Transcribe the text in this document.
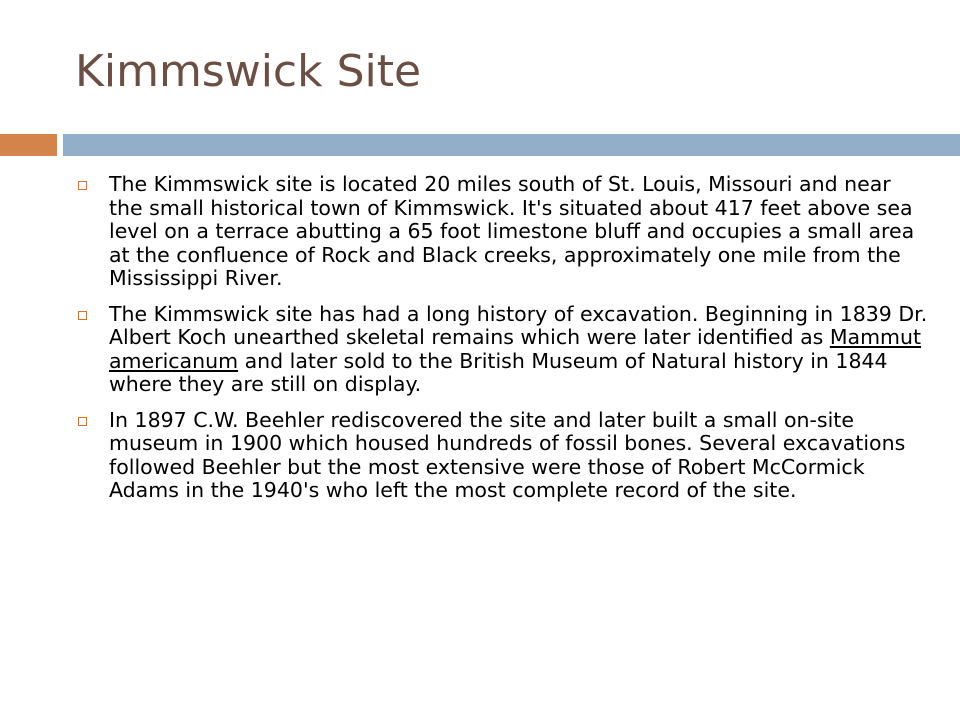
Kimmswick Site
The Kimmswick site is located 20 miles south of St. Louis, Missouri and near the small historical town of Kimmswick. It's situated about 417 feet above sea level on a terrace abutting a 65 foot limestone bluff and occupies a small area at the confluence of Rock and Black creeks, approximately one mile from the Mississippi River.
The Kimmswick site has had a long history of excavation. Beginning in 1839 Dr. Albert Koch unearthed skeletal remains which were later identified as Mammut americanum and later sold to the British Museum of Natural history in 1844 where they are still on display.
In 1897 C.W. Beehler rediscovered the site and later built a small on-site museum in 1900 which housed hundreds of fossil bones. Several excavations followed Beehler but the most extensive were those of Robert McCormick Adams in the 1940's who left the most complete record of the site.
